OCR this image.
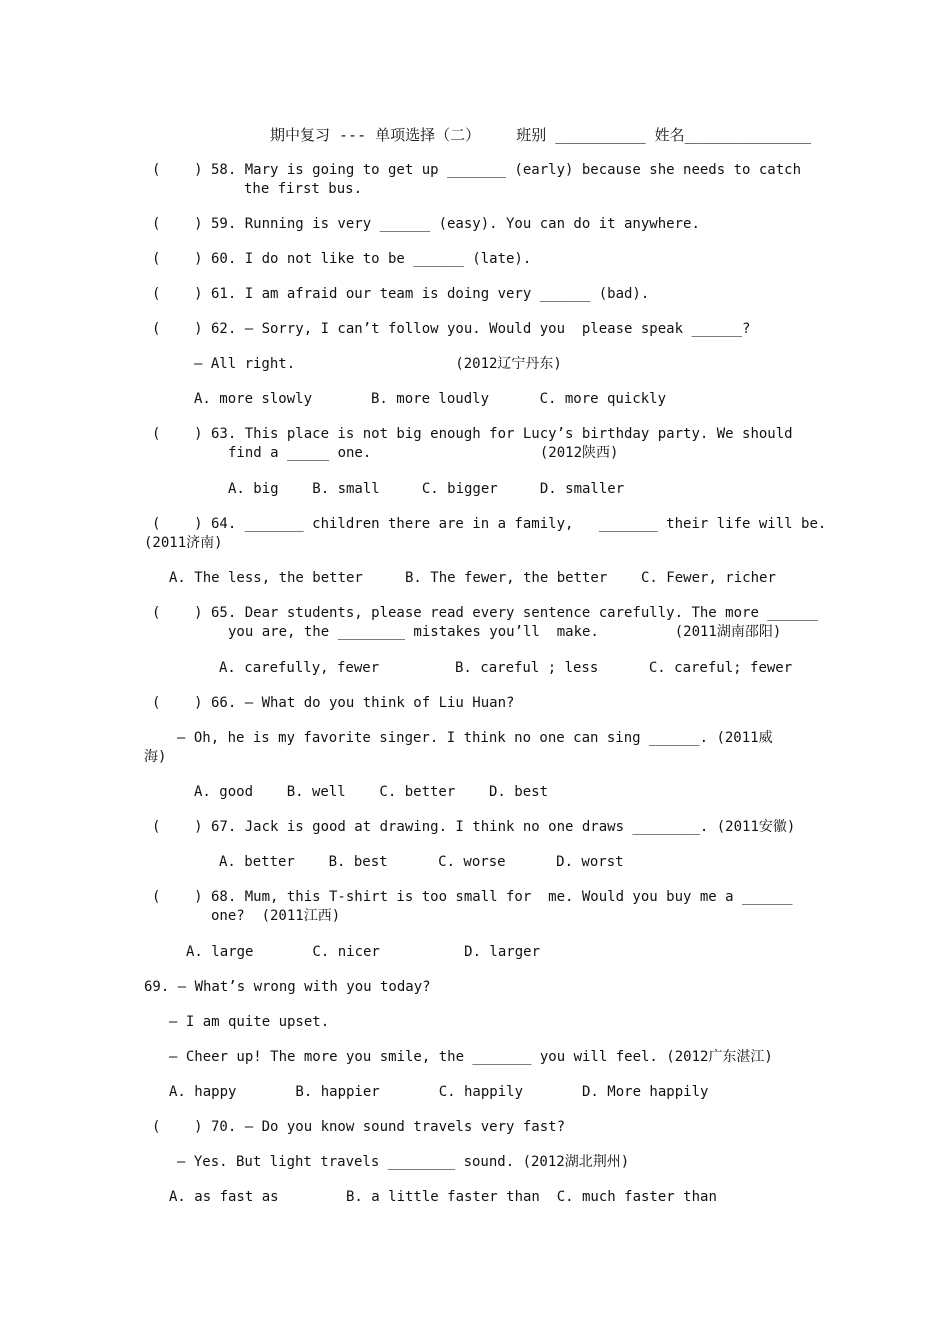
期中复习 --- 单项选择（二） 班别 __________ 姓名______________
(    ) 58. Mary is going to get up _______ (early) because she needs to catch
the first bus.
(    ) 59. Running is very ______ (easy). You can do it anywhere.
(    ) 60. I do not like to be ______ (late).
(    ) 61. I am afraid our team is doing very ______ (bad).
(    ) 62. — Sorry, I can’t follow you. Would you  please speak ______?
— All right.                   (2012辽宁丹东)
A. more slowly       B. more loudly      C. more quickly
(    ) 63. This place is not big enough for Lucy’s birthday party. We should
find a _____ one.                    (2012陕西)
A. big    B. small     C. bigger     D. smaller
(    ) 64. _______ children there are in a family,   _______ their life will be.
(2011济南)
A. The less, the better     B. The fewer, the better    C. Fewer, richer
(    ) 65. Dear students, please read every sentence carefully. The more ______
you are, the ________ mistakes you’ll  make.         (2011湖南邵阳)
A. carefully, fewer         B. careful ; less      C. careful; fewer
(    ) 66. — What do you think of Liu Huan?
— Oh, he is my favorite singer. I think no one can sing ______. (2011威
海)
A. good    B. well    C. better    D. best
(    ) 67. Jack is good at drawing. I think no one draws ________. (2011安徽)
A. better    B. best      C. worse      D. worst
(    ) 68. Mum, this T-shirt is too small for  me. Would you buy me a ______
one?  (2011江西)
A. large       C. nicer          D. larger
69. — What’s wrong with you today?
— I am quite upset.
— Cheer up! The more you smile, the _______ you will feel. (2012广东湛江)
A. happy       B. happier       C. happily       D. More happily
(    ) 70. — Do you know sound travels very fast?
— Yes. But light travels ________ sound. (2012湖北荆州)
A. as fast as        B. a little faster than  C. much faster than
